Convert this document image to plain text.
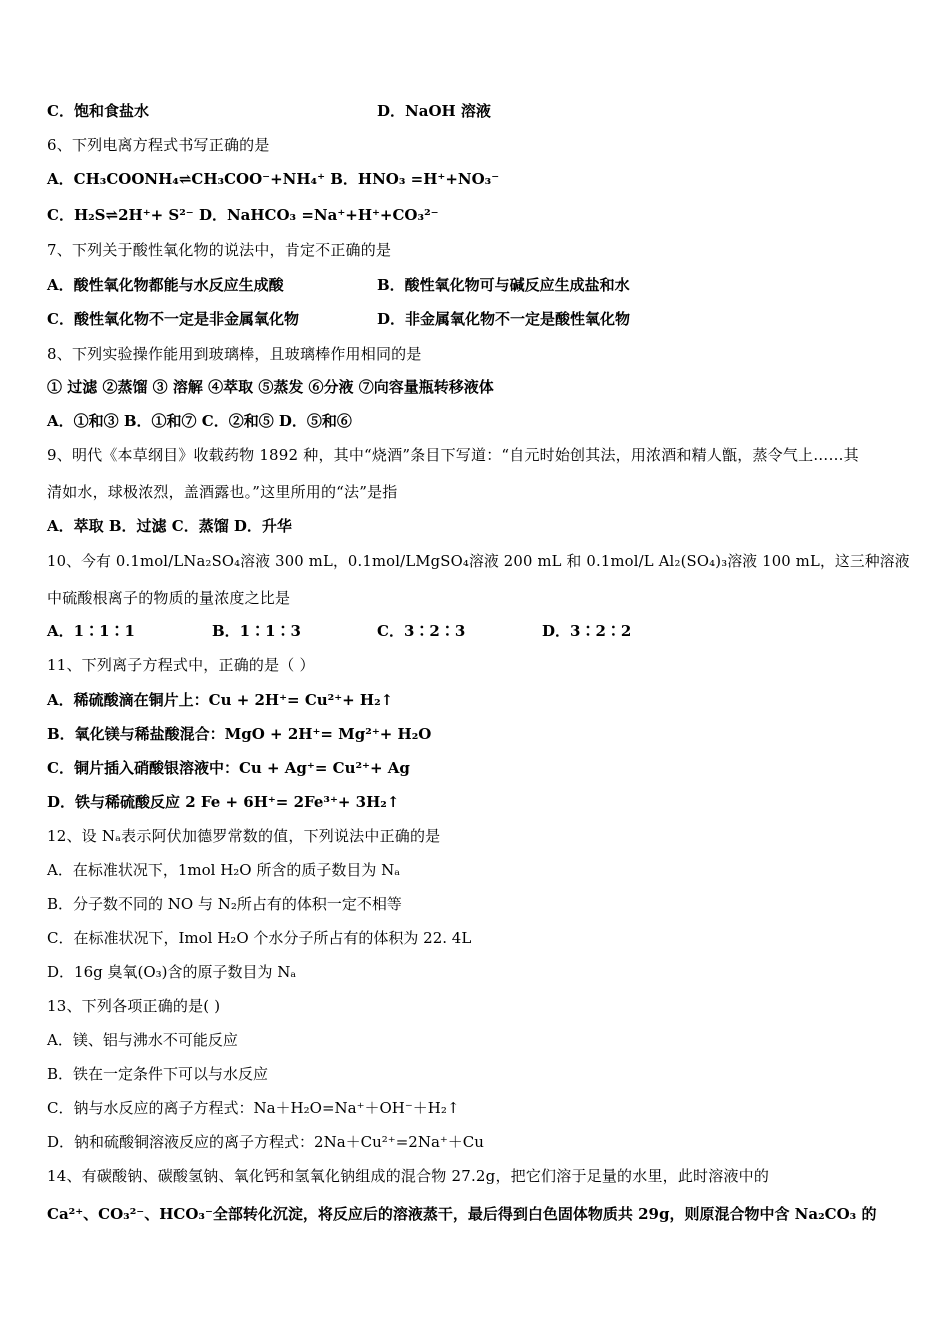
C．饱和食盐水	D．NaOH 溶液
6、下列电离方程式书写正确的是
A．CH₃COONH₄⇌CH₃COO⁻+NH₄⁺ B．HNO₃ =H⁺+NO₃⁻
C．H₂S⇌2H⁺+ S²⁻ D．NaHCO₃ =Na⁺+H⁺+CO₃²⁻
7、下列关于酸性氧化物的说法中，肯定不正确的是
A．酸性氧化物都能与水反应生成酸	B．酸性氧化物可与碱反应生成盐和水
C．酸性氧化物不一定是非金属氧化物	D．非金属氧化物不一定是酸性氧化物
8、下列实验操作能用到玻璃棒，且玻璃棒作用相同的是
① 过滤 ②蒸馏 ③ 溶解 ④萃取 ⑤蒸发 ⑥分液 ⑦向容量瓶转移液体
A．①和③ B．①和⑦ C．②和⑤ D．⑤和⑥
9、明代《本草纲目》收载药物 1892 种，其中“烧酒”条目下写道：“自元时始创其法，用浓酒和精人甑，蒸令气上……其
清如水，球极浓烈，盖酒露也。”这里所用的“法”是指
A．萃取 B．过滤 C．蒸馏 D．升华
10、今有 0.1mol/LNa₂SO₄溶液 300 mL，0.1mol/LMgSO₄溶液 200 mL 和 0.1mol/L Al₂(SO₄)₃溶液 100 mL，这三种溶液
中硫酸根离子的物质的量浓度之比是
A．1∶1∶1	B．1∶1∶3	C．3∶2∶3	D．3∶2∶2
11、下列离子方程式中，正确的是（ ）
A．稀硫酸滴在铜片上：Cu + 2H⁺= Cu²⁺+ H₂↑
B．氧化镁与稀盐酸混合：MgO + 2H⁺= Mg²⁺+ H₂O
C．铜片插入硝酸银溶液中：Cu + Ag⁺= Cu²⁺+ Ag
D．铁与稀硫酸反应 2 Fe + 6H⁺= 2Fe³⁺+ 3H₂↑
12、设 Nₐ表示阿伏加德罗常数的值，下列说法中正确的是
A．在标准状况下，1mol H₂O 所含的质子数目为 Nₐ
B．分子数不同的 NO 与 N₂所占有的体积一定不相等
C．在标准状况下，Imol H₂O 个水分子所占有的体积为 22. 4L
D．16g 臭氧(O₃)含的原子数目为 Nₐ
13、下列各项正确的是( )
A．镁、铝与沸水不可能反应
B．铁在一定条件下可以与水反应
C．钠与水反应的离子方程式：Na＋H₂O=Na⁺＋OH⁻＋H₂↑
D．钠和硫酸铜溶液反应的离子方程式：2Na＋Cu²⁺=2Na⁺＋Cu
14、有碳酸钠、碳酸氢钠、氧化钙和氢氧化钠组成的混合物 27.2g，把它们溶于足量的水里，此时溶液中的
Ca²⁺、CO₃²⁻、HCO₃⁻全部转化沉淀，将反应后的溶液蒸干，最后得到白色固体物质共 29g，则原混合物中含 Na₂CO₃ 的
